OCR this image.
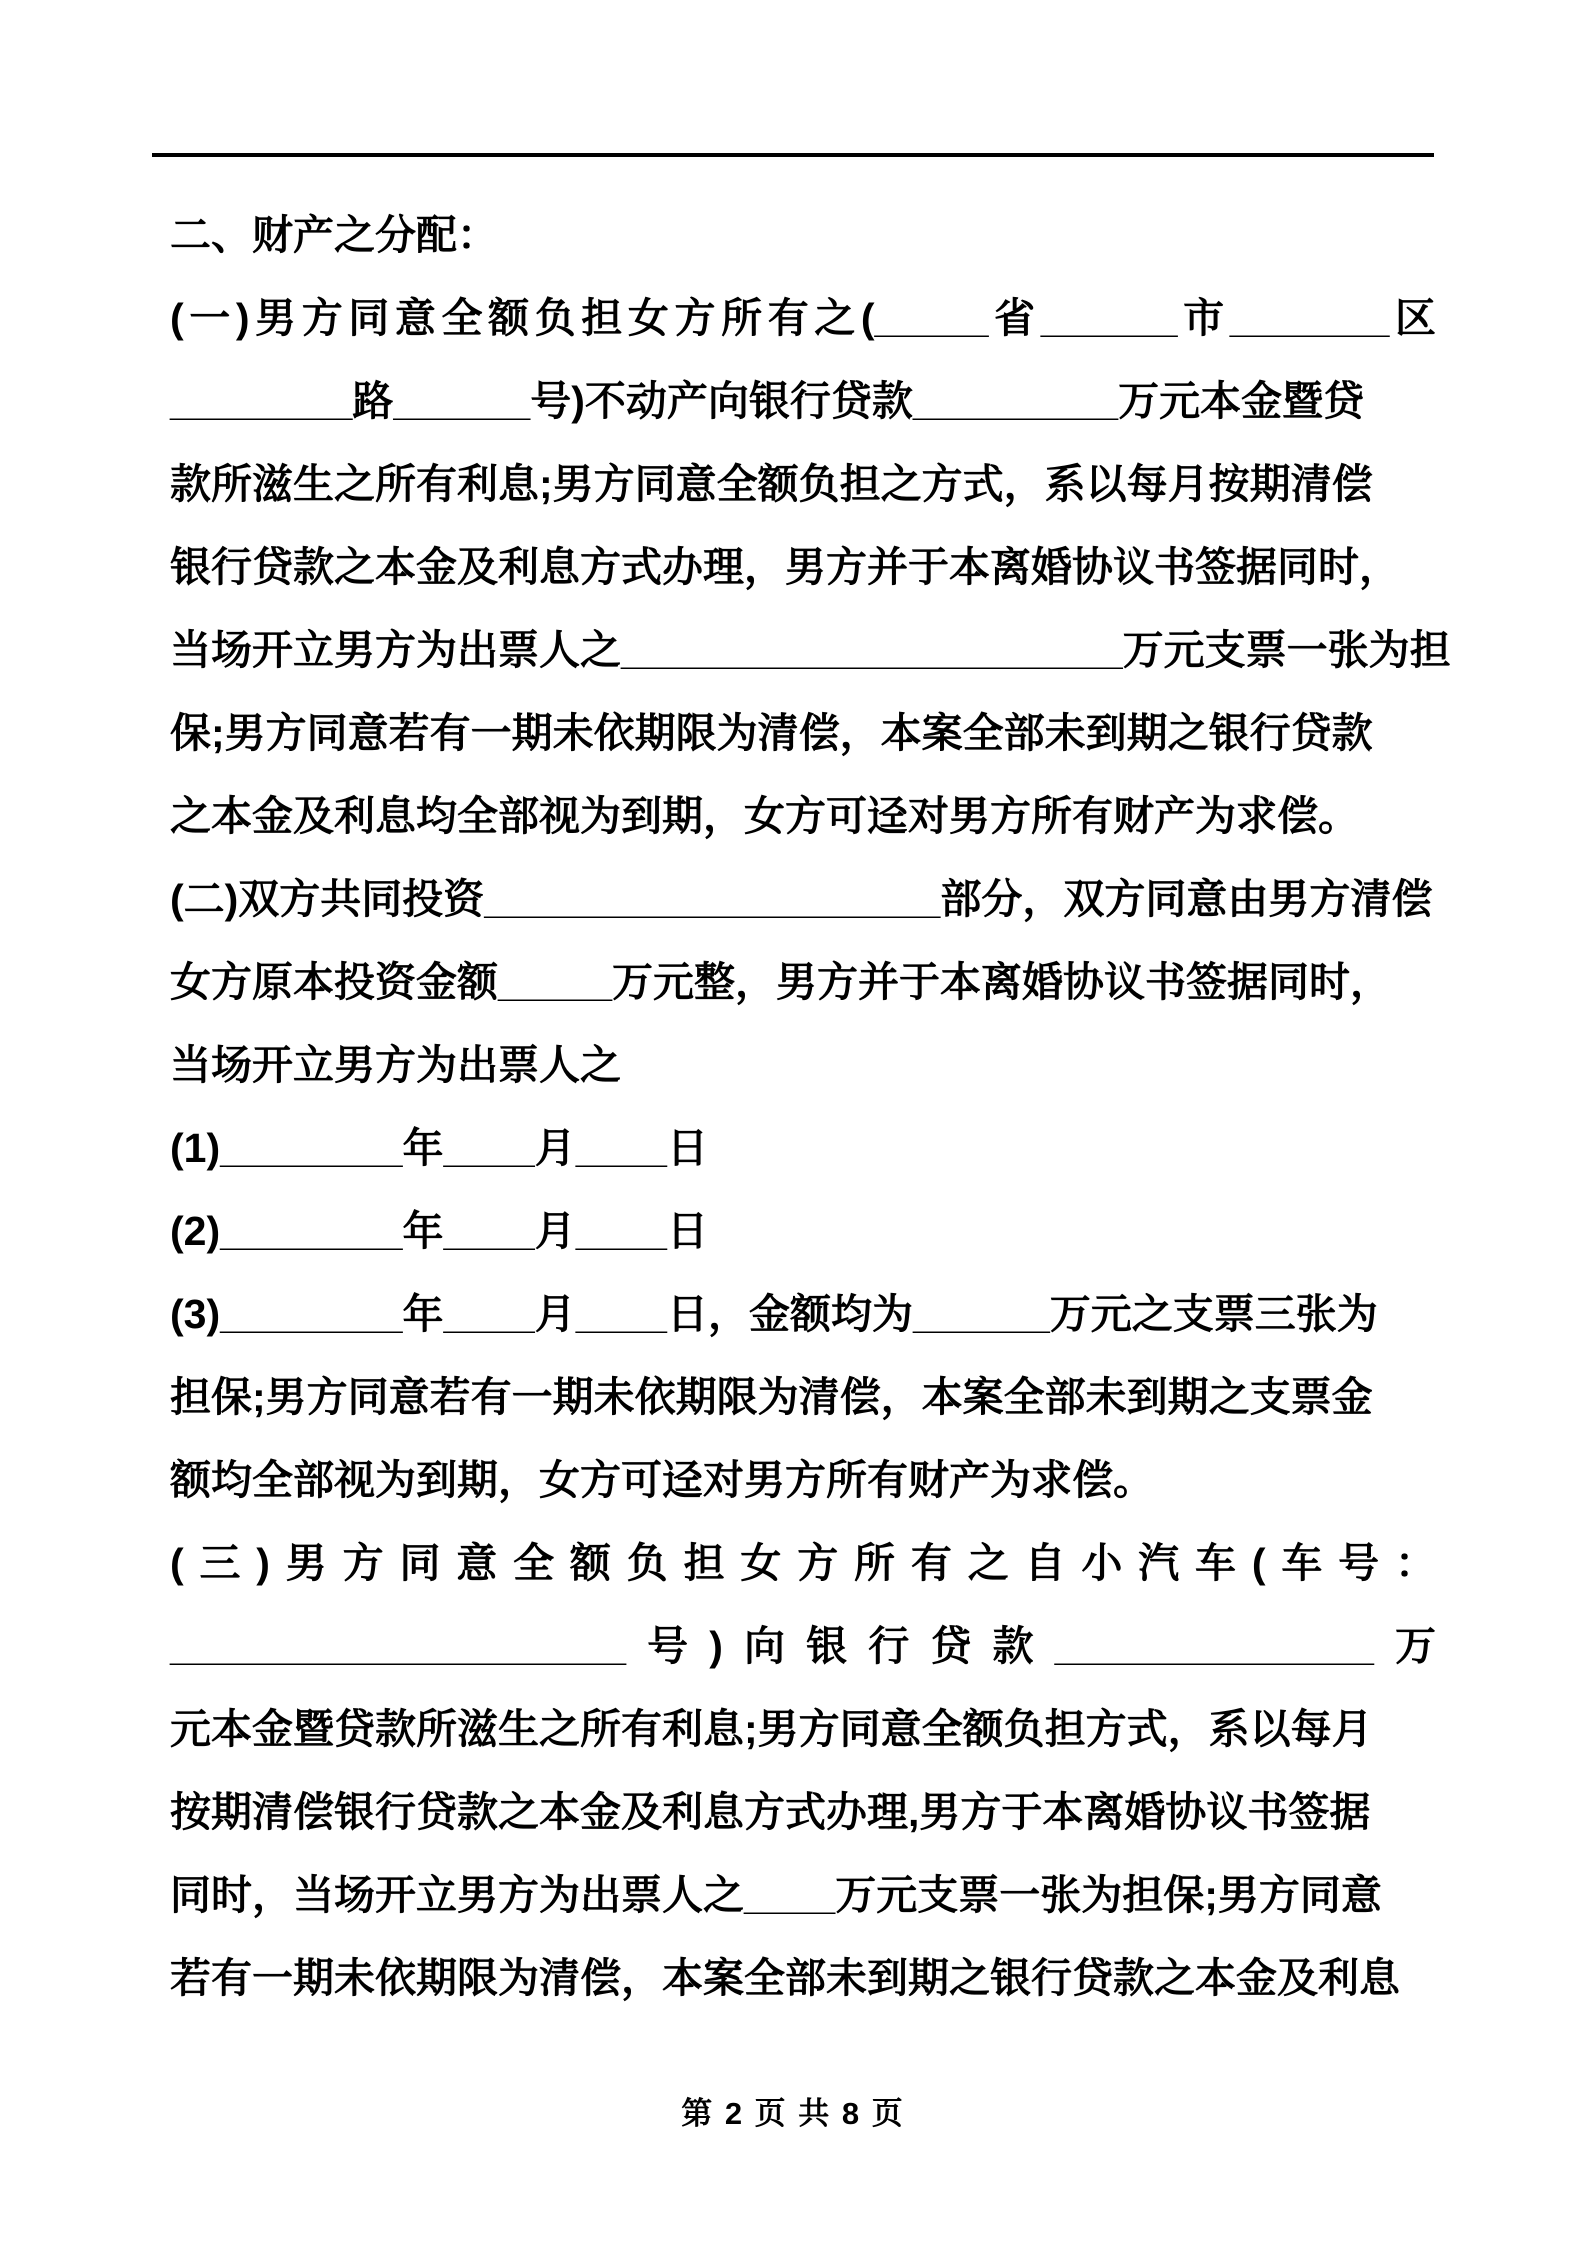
二、财产之分配：
(一)男方同意全额负担女方所有之(_____省______市_______区
________路______号)不动产向银行贷款_________万元本金暨贷
款所滋生之所有利息;男方同意全额负担之方式，系以每月按期清偿
银行贷款之本金及利息方式办理，男方并于本离婚协议书签据同时，
当场开立男方为出票人之______________________万元支票一张为担
保;男方同意若有一期未依期限为清偿，本案全部未到期之银行贷款
之本金及利息均全部视为到期，女方可迳对男方所有财产为求偿。
(二)双方共同投资____________________部分，双方同意由男方清偿
女方原本投资金额_____万元整，男方并于本离婚协议书签据同时，
当场开立男方为出票人之
(1)________年____月____日
(2)________年____月____日
(3)________年____月____日，金额均为______万元之支票三张为
担保;男方同意若有一期未依期限为清偿，本案全部未到期之支票金
额均全部视为到期，女方可迳对男方所有财产为求偿。
(三)男方同意全额负担女方所有之自小汽车(车号：
____________________号)向银行贷款______________万
元本金暨贷款所滋生之所有利息;男方同意全额负担方式，系以每月
按期清偿银行贷款之本金及利息方式办理,男方于本离婚协议书签据
同时，当场开立男方为出票人之____万元支票一张为担保;男方同意
若有一期未依期限为清偿，本案全部未到期之银行贷款之本金及利息
第 2 页 共 8 页
